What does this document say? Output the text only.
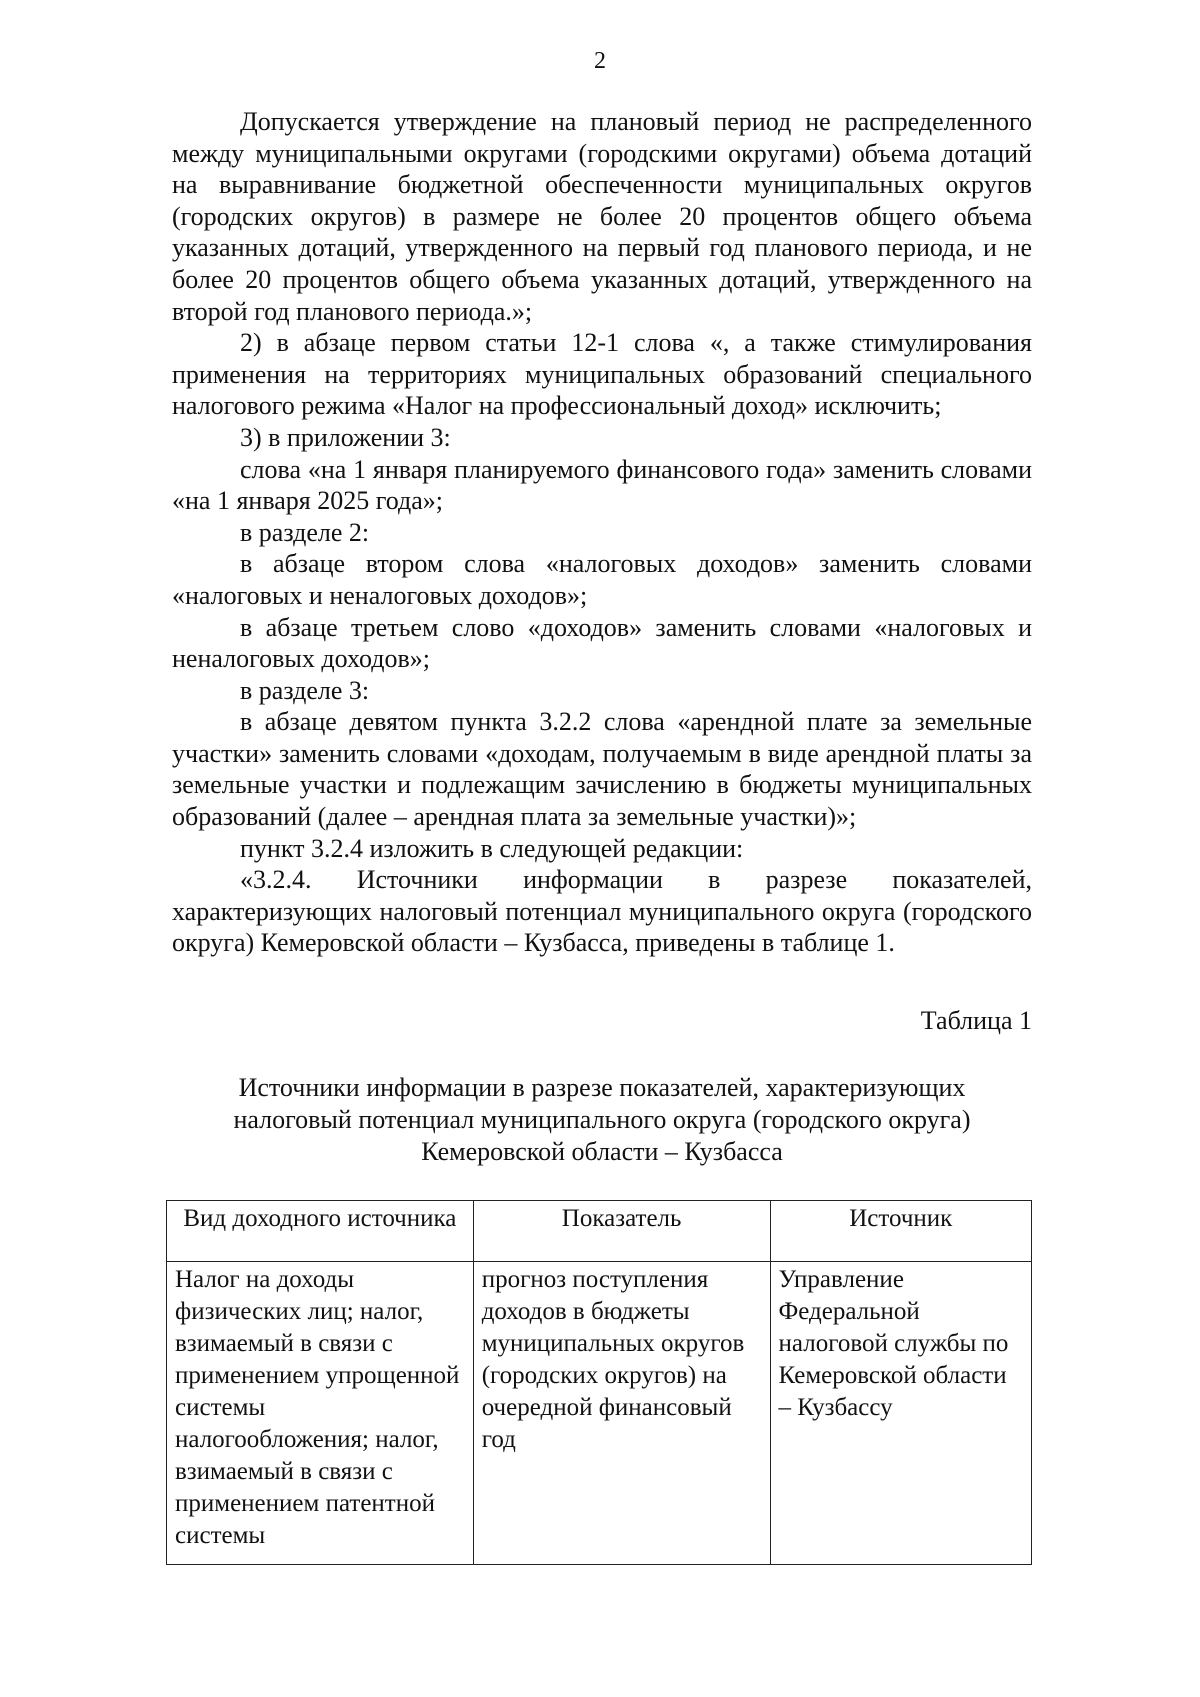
2

Допускается утверждение на плановый период не распределенного между муниципальными округами (городскими округами) объема дотаций на выравнивание бюджетной обеспеченности муниципальных округов (городских округов) в размере не более 20 процентов общего объема указанных дотаций, утвержденного на первый год планового периода, и не более 20 процентов общего объема указанных дотаций, утвержденного на второй год планового периода.»;

2) в абзаце первом статьи 12-1 слова «, а также стимулирования применения на территориях муниципальных образований специального налогового режима «Налог на профессиональный доход» исключить;

3) в приложении 3:

слова «на 1 января планируемого финансового года» заменить словами «на 1 января 2025 года»;

в разделе 2:

в абзаце втором слова «налоговых доходов» заменить словами «налоговых и неналоговых доходов»;

в абзаце третьем слово «доходов» заменить словами «налоговых и неналоговых доходов»;

в разделе 3:

в абзаце девятом пункта 3.2.2 слова «арендной плате за земельные участки» заменить словами «доходам, получаемым в виде арендной платы за земельные участки и подлежащим зачислению в бюджеты муниципальных образований (далее – арендная плата за земельные участки)»;

пункт 3.2.4 изложить в следующей редакции:

«3.2.4. Источники информации в разрезе показателей, характеризующих налоговый потенциал муниципального округа (городского округа) Кемеровской области – Кузбасса, приведены в таблице 1.

Таблица 1
Источники информации в разрезе показателей, характеризующих
налоговый потенциал муниципального округа (городского округа)
Кемеровской области – Кузбасса
Вид доходного источника	Показатель	Источник
Налог на доходы физических лиц; налог, взимаемый в связи с применением упрощенной системы налогообложения; налог, взимаемый в связи с применением патентной системы	прогноз поступления доходов в бюджеты муниципальных округов (городских округов) на очередной финансовый год	Управление Федеральной налоговой службы по Кемеровской области – Кузбассу
